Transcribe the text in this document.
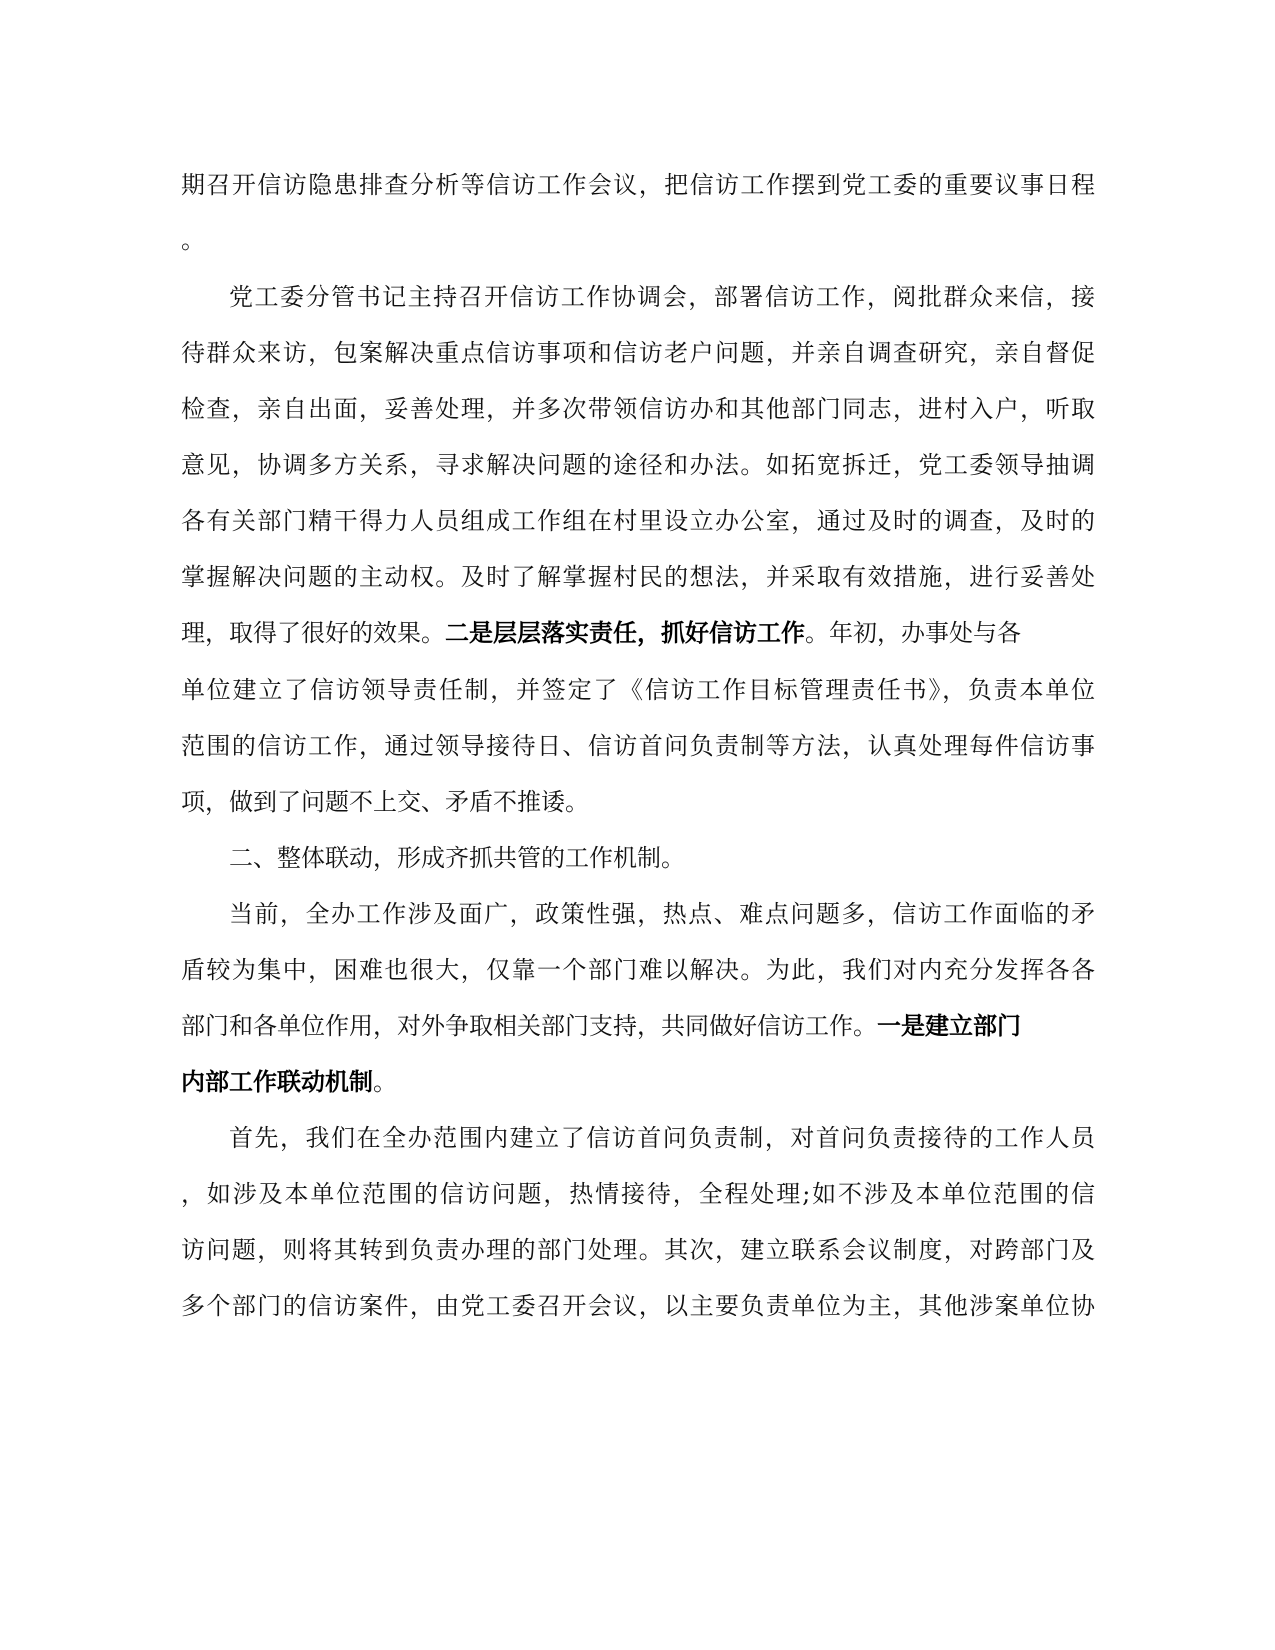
期召开信访隐患排查分析等信访工作会议，把信访工作摆到党工委的重要议事日程
。
党工委分管书记主持召开信访工作协调会，部署信访工作，阅批群众来信，接
待群众来访，包案解决重点信访事项和信访老户问题，并亲自调查研究，亲自督促
检查，亲自出面，妥善处理，并多次带领信访办和其他部门同志，进村入户，听取
意见，协调多方关系，寻求解决问题的途径和办法。如拓宽拆迁，党工委领导抽调
各有关部门精干得力人员组成工作组在村里设立办公室，通过及时的调查，及时的
掌握解决问题的主动权。及时了解掌握村民的想法，并采取有效措施，进行妥善处
理，取得了很好的效果。二是层层落实责任，抓好信访工作。年初，办事处与各
单位建立了信访领导责任制，并签定了《信访工作目标管理责任书》，负责本单位
范围的信访工作，通过领导接待日、信访首问负责制等方法，认真处理每件信访事
项，做到了问题不上交、矛盾不推诿。
二、整体联动，形成齐抓共管的工作机制。
当前，全办工作涉及面广，政策性强，热点、难点问题多，信访工作面临的矛
盾较为集中，困难也很大，仅靠一个部门难以解决。为此，我们对内充分发挥各各
部门和各单位作用，对外争取相关部门支持，共同做好信访工作。一是建立部门
内部工作联动机制。
首先，我们在全办范围内建立了信访首问负责制，对首问负责接待的工作人员
，如涉及本单位范围的信访问题，热情接待，全程处理;如不涉及本单位范围的信
访问题，则将其转到负责办理的部门处理。其次，建立联系会议制度，对跨部门及
多个部门的信访案件，由党工委召开会议，以主要负责单位为主，其他涉案单位协
